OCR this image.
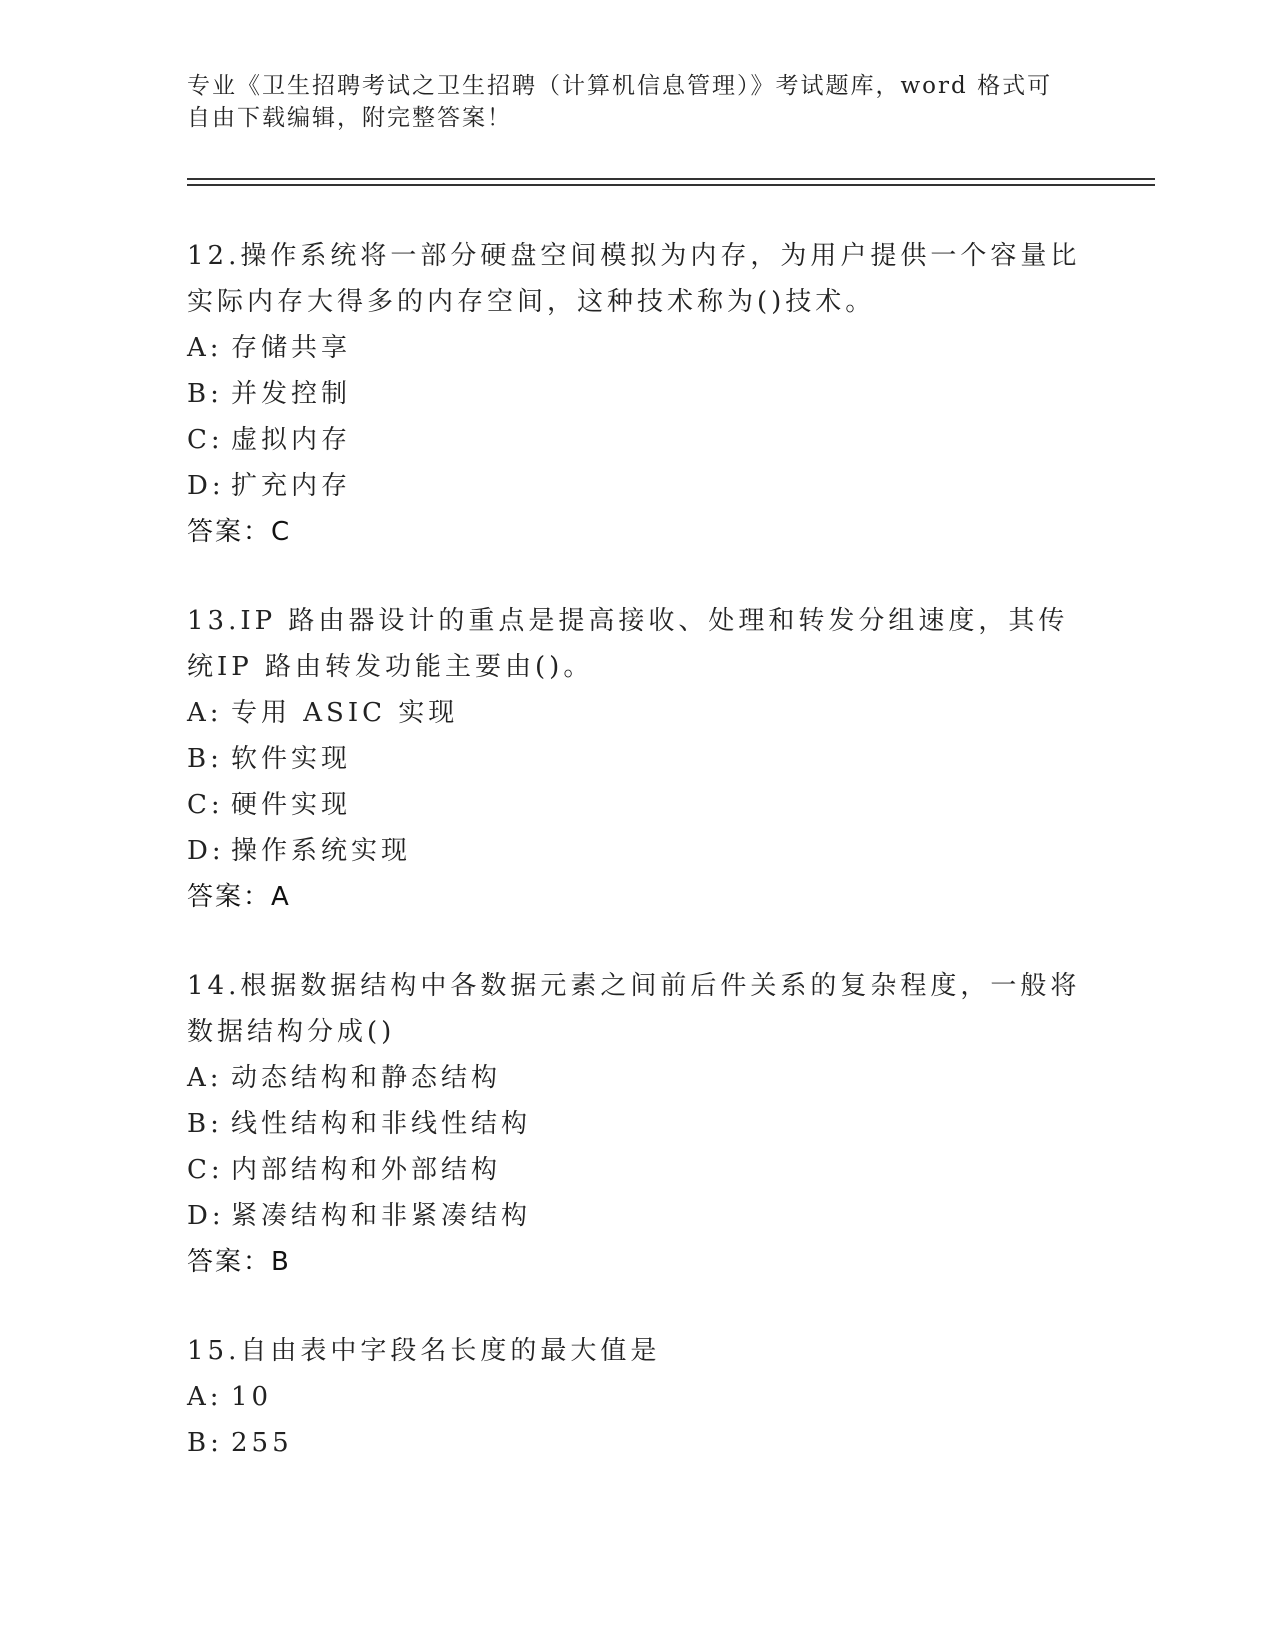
专业《卫生招聘考试之卫生招聘（计算机信息管理）》考试题库，word 格式可自由下载编辑，附完整答案！

12.操作系统将一部分硬盘空间模拟为内存，为用户提供一个容量比实际内存大得多的内存空间，这种技术称为()技术。

A: 存储共享

B: 并发控制

C: 虚拟内存

D: 扩充内存

答案：C

13.IP 路由器设计的重点是提高接收、处理和转发分组速度，其传统IP 路由转发功能主要由()。

A: 专用 ASIC 实现

B: 软件实现

C: 硬件实现

D: 操作系统实现

答案：A

14.根据数据结构中各数据元素之间前后件关系的复杂程度，一般将数据结构分成()

A: 动态结构和静态结构

B: 线性结构和非线性结构

C: 内部结构和外部结构

D: 紧凑结构和非紧凑结构

答案：B

15.自由表中字段名长度的最大值是

A: 10

B: 255
